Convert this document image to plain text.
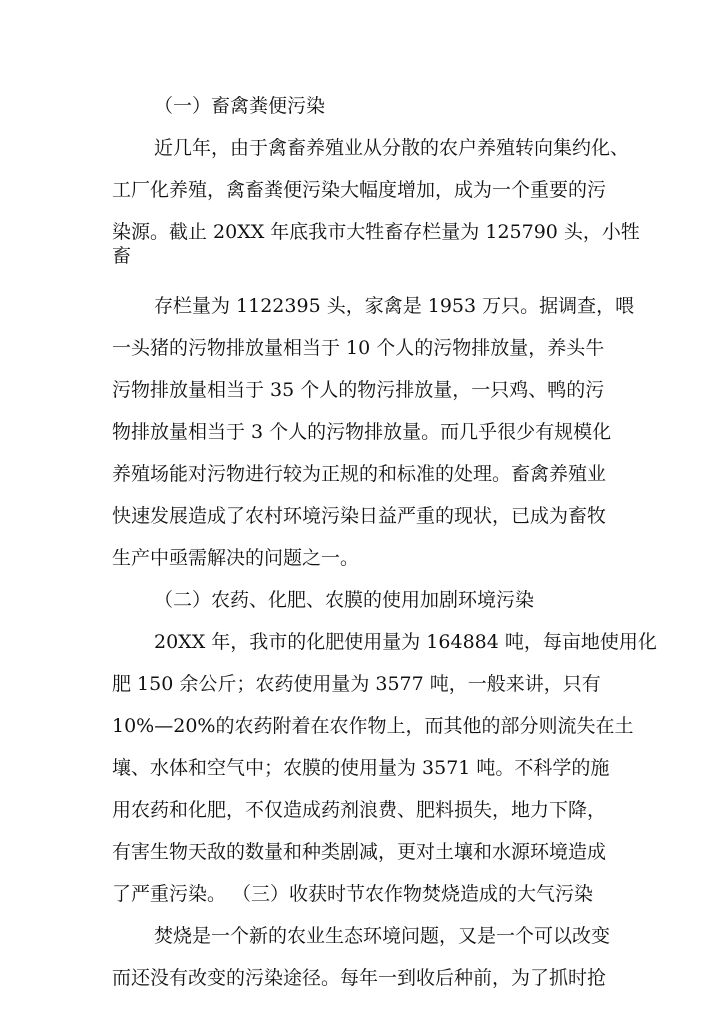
（一）畜禽粪便污染
近几年，由于禽畜养殖业从分散的农户养殖转向集约化、
工厂化养殖，禽畜粪便污染大幅度增加，成为一个重要的污
染源。截止 20XX 年底我市大牲畜存栏量为 125790 头，小牲
畜
存栏量为 1122395 头，家禽是 1953 万只。据调查，喂
一头猪的污物排放量相当于 10 个人的污物排放量，养头牛
污物排放量相当于 35 个人的物污排放量，一只鸡、鸭的污
物排放量相当于 3 个人的污物排放量。而几乎很少有规模化
养殖场能对污物进行较为正规的和标准的处理。畜禽养殖业
快速发展造成了农村环境污染日益严重的现状，已成为畜牧
生产中亟需解决的问题之一。
（二）农药、化肥、农膜的使用加剧环境污染
20XX 年，我市的化肥使用量为 164884 吨，每亩地使用化
肥 150 余公斤；农药使用量为 3577 吨，一般来讲，只有
10%—20%的农药附着在农作物上，而其他的部分则流失在土
壤、水体和空气中；农膜的使用量为 3571 吨。不科学的施
用农药和化肥，不仅造成药剂浪费、肥料损失，地力下降，
有害生物天敌的数量和种类剧减，更对土壤和水源环境造成
了严重污染。 （三）收获时节农作物焚烧造成的大气污染
焚烧是一个新的农业生态环境问题，又是一个可以改变
而还没有改变的污染途径。每年一到收后种前，为了抓时抢
